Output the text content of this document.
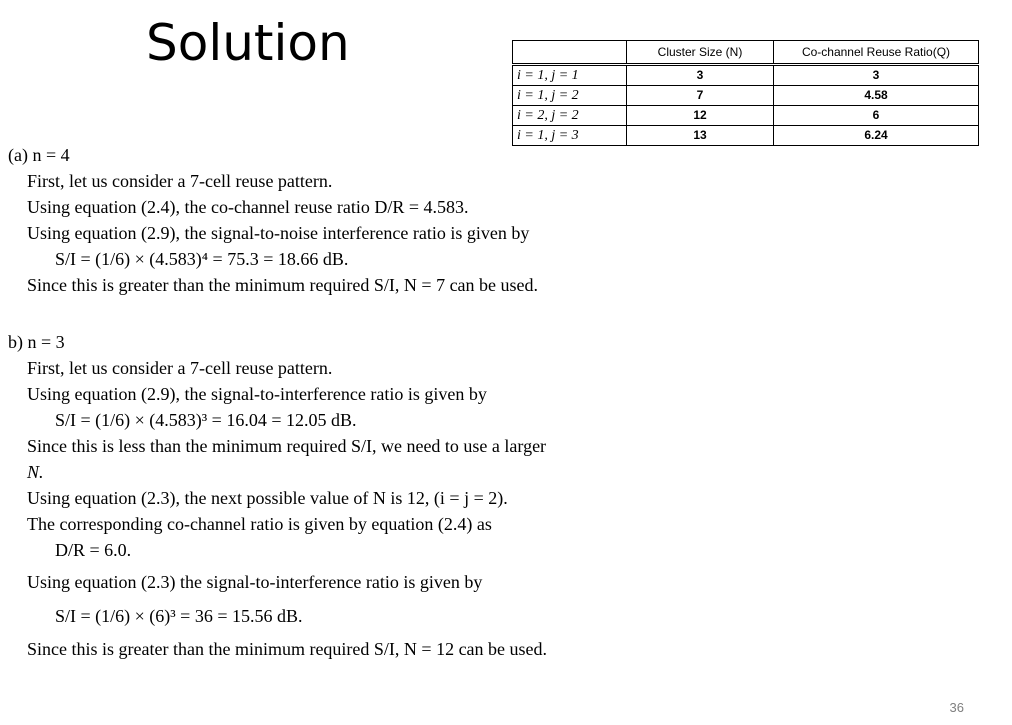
Solution
		Cluster Size (N)	Co-channel Reuse Ratio(Q)
i = 1, j = 1	3	3
i = 1, j = 2	7	4.58
i = 2, j = 2	12	6
i = 1, j = 3	13	6.24
(a) n = 4
First, let us consider a 7-cell reuse pattern.
Using equation (2.4), the co-channel reuse ratio D/R = 4.583.
Using equation (2.9), the signal-to-noise interference ratio is given by
S/I = (1/6) × (4.583)⁴ = 75.3 = 18.66 dB.
Since this is greater than the minimum required S/I, N = 7 can be used.
b) n = 3
First, let us consider a 7-cell reuse pattern.
Using equation (2.9), the signal-to-interference ratio is given by
S/I = (1/6) × (4.583)³ = 16.04 = 12.05 dB.
Since this is less than the minimum required S/I, we need to use a larger
N.
Using equation (2.3), the next possible value of N is 12, (i = j = 2).
The corresponding co-channel ratio is given by equation (2.4) as
D/R = 6.0.
Using equation (2.3) the signal-to-interference ratio is given by
S/I = (1/6) × (6)³ = 36 = 15.56 dB.
Since this is greater than the minimum required S/I, N = 12 can be used.
36
